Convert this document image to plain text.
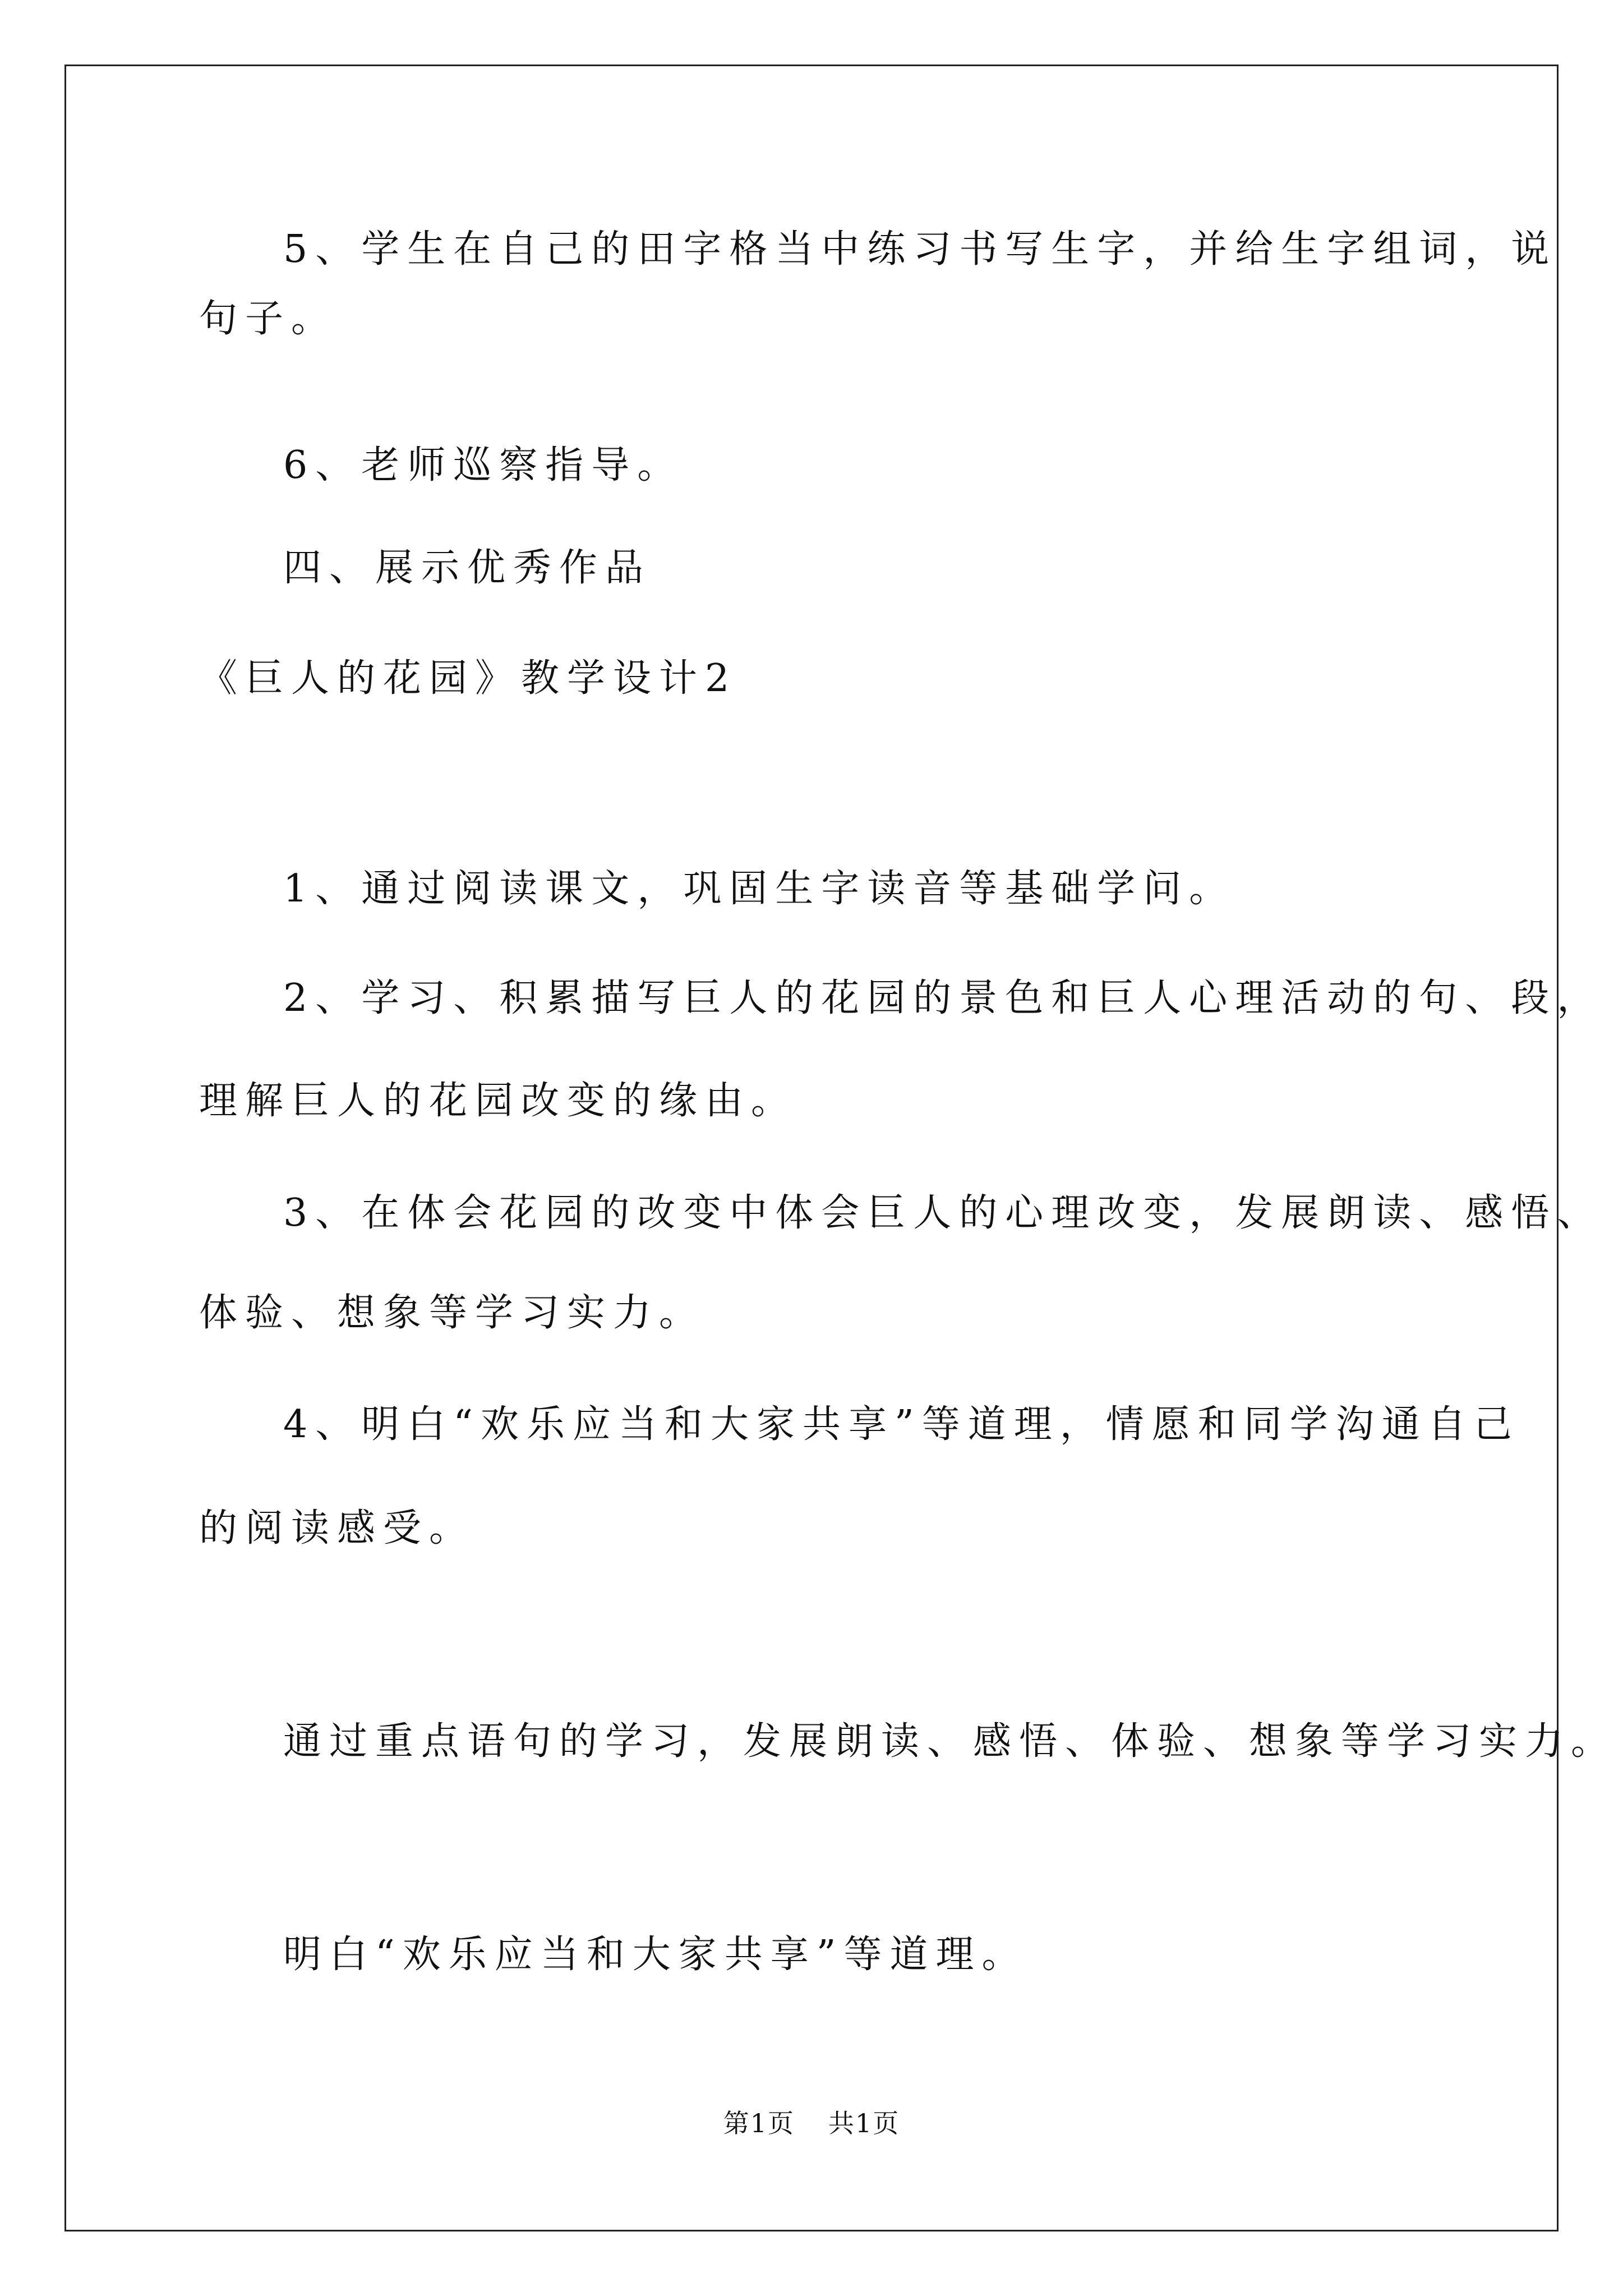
5、学生在自己的田字格当中练习书写生字，并给生字组词，说

句子。

6、老师巡察指导。

四、展示优秀作品

《巨人的花园》教学设计2

1、通过阅读课文，巩固生字读音等基础学问。

2、学习、积累描写巨人的花园的景色和巨人心理活动的句、段，

理解巨人的花园改变的缘由。

3、在体会花园的改变中体会巨人的心理改变，发展朗读、感悟、

体验、想象等学习实力。

4、明白“欢乐应当和大家共享”等道理，情愿和同学沟通自己

的阅读感受。

通过重点语句的学习，发展朗读、感悟、体验、想象等学习实力。

明白“欢乐应当和大家共享”等道理。

第1页 共1页
